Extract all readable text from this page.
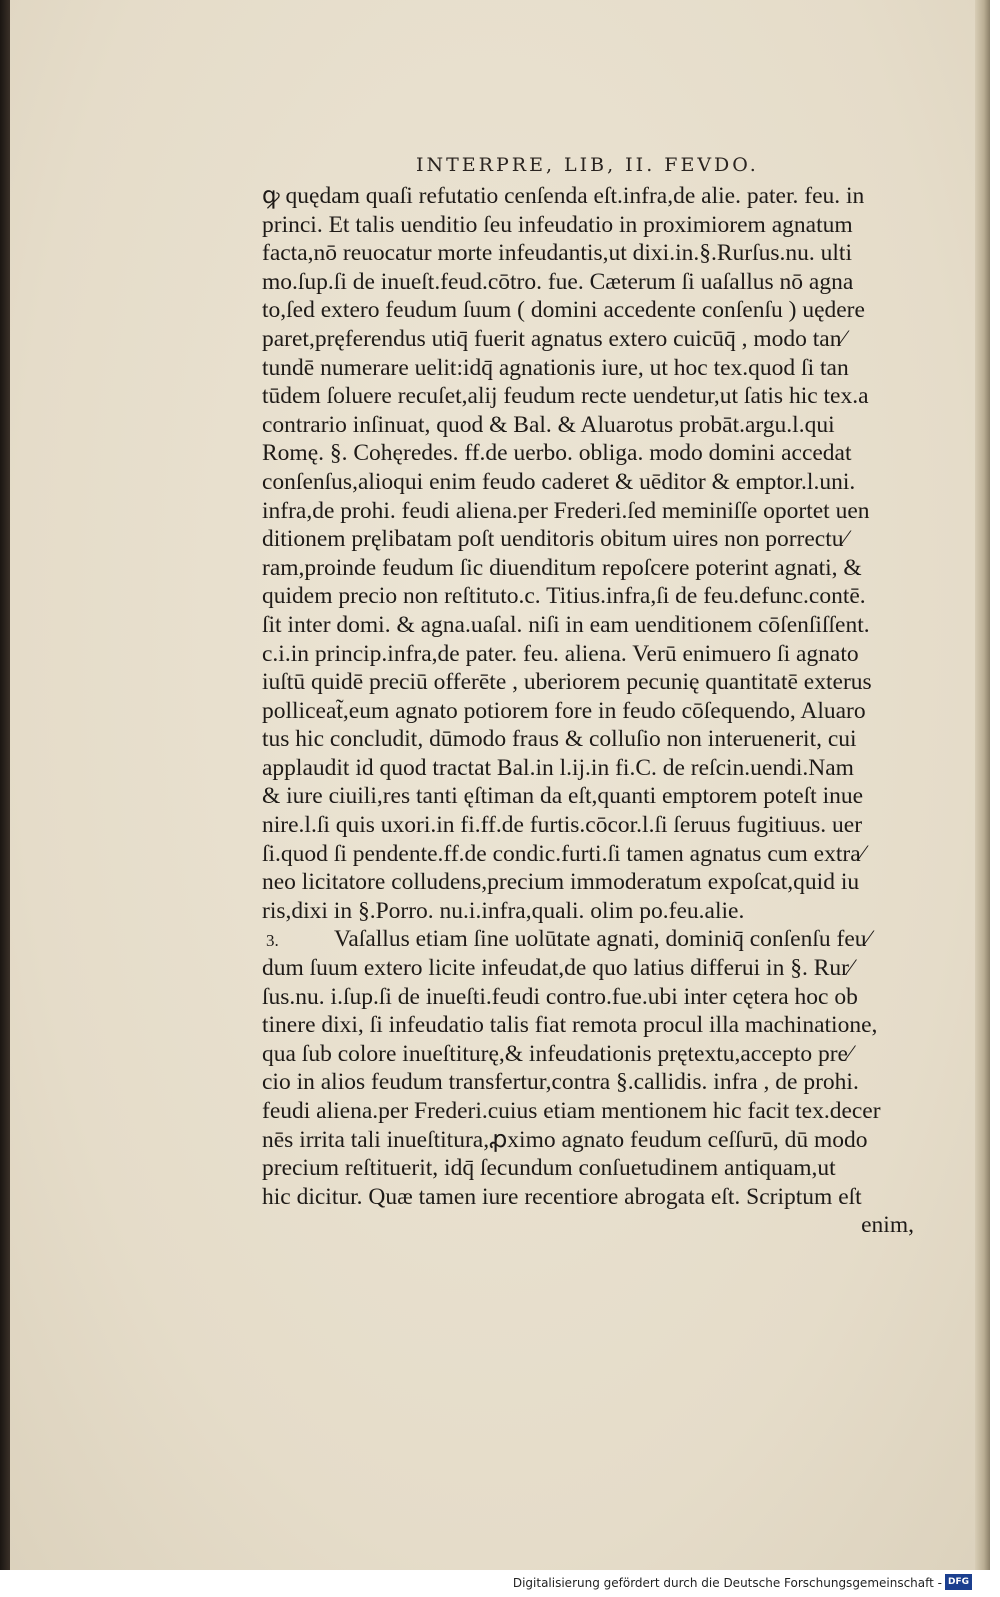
INTERPRE, LIB, II. FEVDO.
ꝙ quędam quaſi refutatio cenſenda eſt.infra,de alie. pater. feu. in
princi. Et talis uenditio ſeu infeudatio in proximiorem agnatum
facta,nō reuocatur morte infeudantis,ut dixi.in.§.Rurſus.nu. ulti
mo.ſup.ſi de inueſt.feud.cōtro. fue. Cæterum ſi uaſallus nō agna
to,ſed extero feudum ſuum ( domini accedente conſenſu ) uędere
paret,pręferendus utiq̄ fuerit agnatus extero cuicūq̄ , modo tan⁄
tundē numerare uelit:idq̄ agnationis iure, ut hoc tex.quod ſi tan
tūdem ſoluere recuſet,alij feudum recte uendetur,ut ſatis hic tex.a
contrario inſinuat, quod & Bal. & Aluarotus probāt.argu.l.qui
Romę. §. Cohęredes. ff.de uerbo. obliga. modo domini accedat
conſenſus,alioqui enim feudo caderet & uēditor & emptor.l.uni.
infra,de prohi. feudi aliena.per Frederi.ſed meminiſſe oportet uen
ditionem pręlibatam poſt uenditoris obitum uires non porrectu⁄
ram,proinde feudum ſic diuenditum repoſcere poterint agnati, &
quidem precio non reſtituto.c. Titius.infra,ſi de feu.defunc.contē.
ſit inter domi. & agna.uaſal. niſi in eam uenditionem cōſenſiſſent.
c.i.in princip.infra,de pater. feu. aliena. Verū enimuero ſi agnato
iuſtū quidē preciū offerēte , uberiorem pecunię quantitatē exterus
polliceat̃,eum agnato potiorem fore in feudo cōſequendo, Aluaro
tus hic concludit, dūmodo fraus & colluſio non interuenerit, cui
applaudit id quod tractat Bal.in l.ij.in fi.C. de reſcin.uendi.Nam
& iure ciuili,res tanti ęſtiman da eſt,quanti emptorem poteſt inue
nire.l.ſi quis uxori.in fi.ff.de furtis.cōcor.l.ſi ſeruus fugitiuus. uer
ſi.quod ſi pendente.ff.de condic.furti.ſi tamen agnatus cum extra⁄
neo licitatore colludens,precium immoderatum expoſcat,quid iu
ris,dixi in §.Porro. nu.i.infra,quali. olim po.feu.alie.
3. Vaſallus etiam ſine uolūtate agnati, dominiq̄ conſenſu feu⁄
dum ſuum extero licite infeudat,de quo latius differui in §. Rur⁄
ſus.nu. i.ſup.ſi de inueſti.feudi contro.fue.ubi inter cętera hoc ob
tinere dixi, ſi infeudatio talis fiat remota procul illa machinatione,
qua ſub colore inueſtiturę,& infeudationis prętextu,accepto pre⁄
cio in alios feudum transfertur,contra §.callidis. infra , de prohi.
feudi aliena.per Frederi.cuius etiam mentionem hic facit tex.decer
nēs irrita tali inueſtitura,ꝓximo agnato feudum ceſſurū, dū modo
precium reſtituerit, idq̄ ſecundum conſuetudinem antiquam,ut
hic dicitur. Quæ tamen iure recentiore abrogata eſt. Scriptum eſt
enim,
Digitalisierung gefördert durch die Deutsche Forschungsgemeinschaft - DFG
